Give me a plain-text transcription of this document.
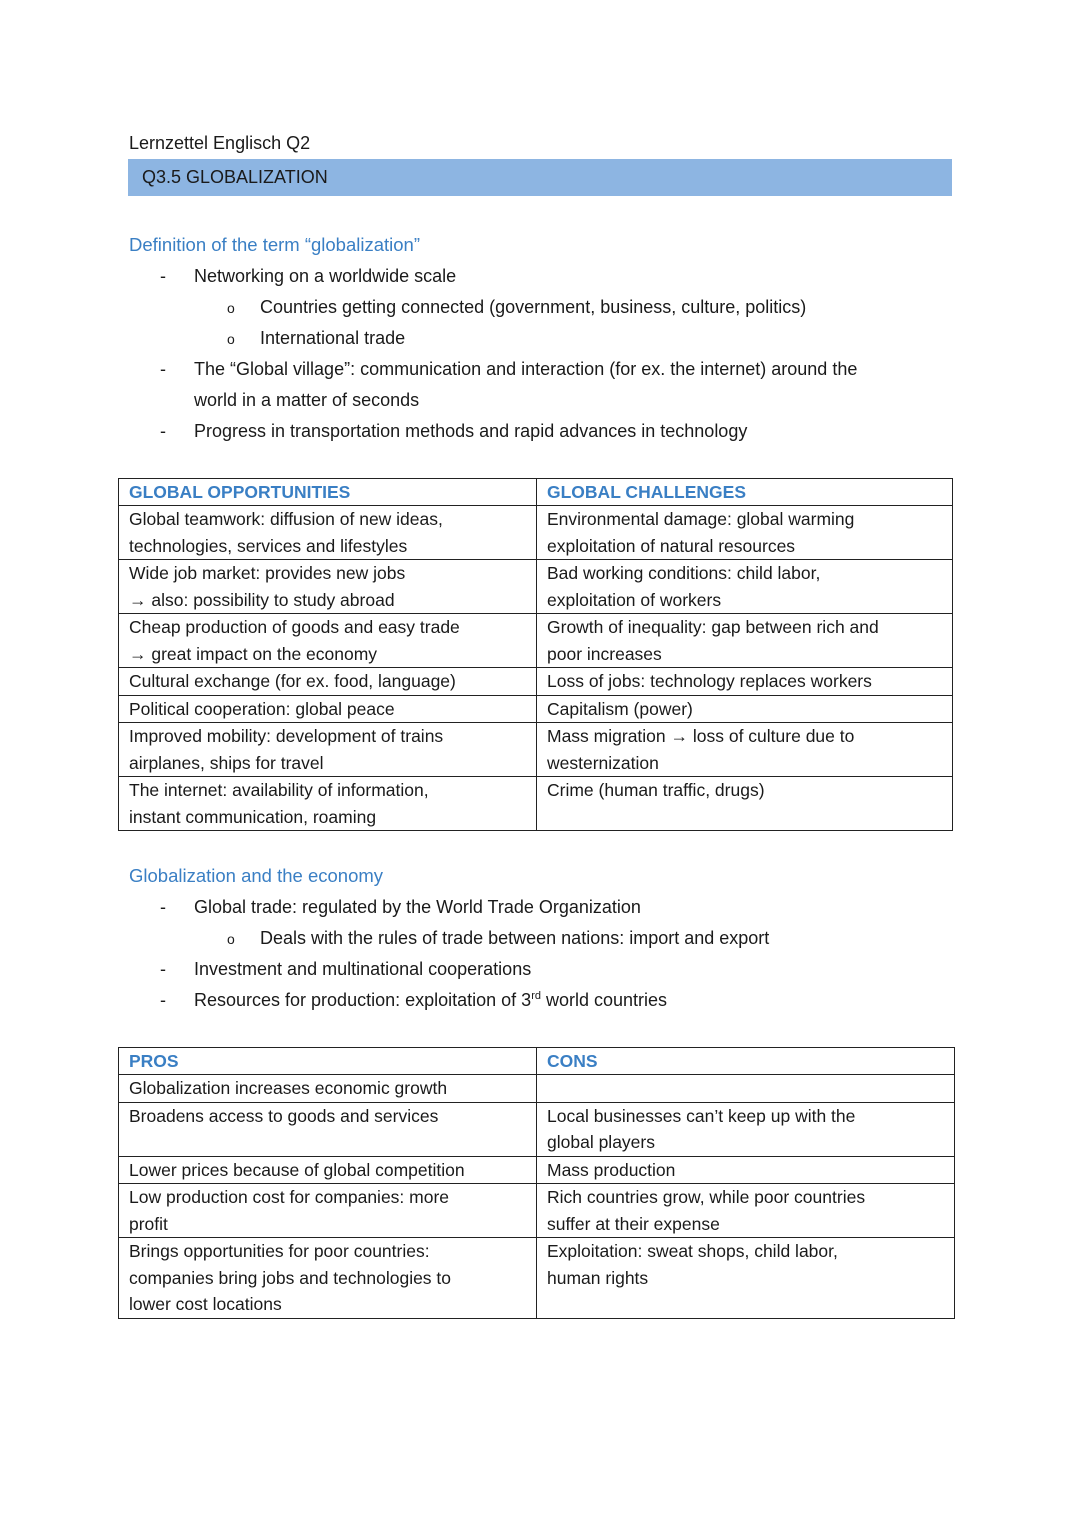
Lernzettel Englisch Q2
Q3.5 GLOBALIZATION
Definition of the term “globalization”
- Networking on a worldwide scale
o Countries getting connected (government, business, culture, politics)
o International trade
- The “Global village”: communication and interaction (for ex. the internet) around the
world in a matter of seconds
- Progress in transportation methods and rapid advances in technology
GLOBAL OPPORTUNITIES	GLOBAL CHALLENGES

Global teamwork: diffusion of new ideas,
technologies, services and lifestyles	Environmental damage: global warming
exploitation of natural resources

Wide job market: provides new jobs
→ also: possibility to study abroad	Bad working conditions: child labor,
exploitation of workers

Cheap production of goods and easy trade
→ great impact on the economy	Growth of inequality: gap between rich and
poor increases

Cultural exchange (for ex. food, language)	Loss of jobs: technology replaces workers

Political cooperation: global peace	Capitalism (power)

Improved mobility: development of trains
airplanes, ships for travel	Mass migration → loss of culture due to
westernization

The internet: availability of information,
instant communication, roaming	Crime (human traffic, drugs)
Globalization and the economy
- Global trade: regulated by the World Trade Organization
o Deals with the rules of trade between nations: import and export
- Investment and multinational cooperations
- Resources for production: exploitation of 3rd world countries
PROS	CONS

Globalization increases economic growth	

Broadens access to goods and services	Local businesses can’t keep up with the
global players

Lower prices because of global competition	Mass production

Low production cost for companies: more
profit	Rich countries grow, while poor countries
suffer at their expense

Brings opportunities for poor countries:
companies bring jobs and technologies to
lower cost locations	Exploitation: sweat shops, child labor,
human rights
